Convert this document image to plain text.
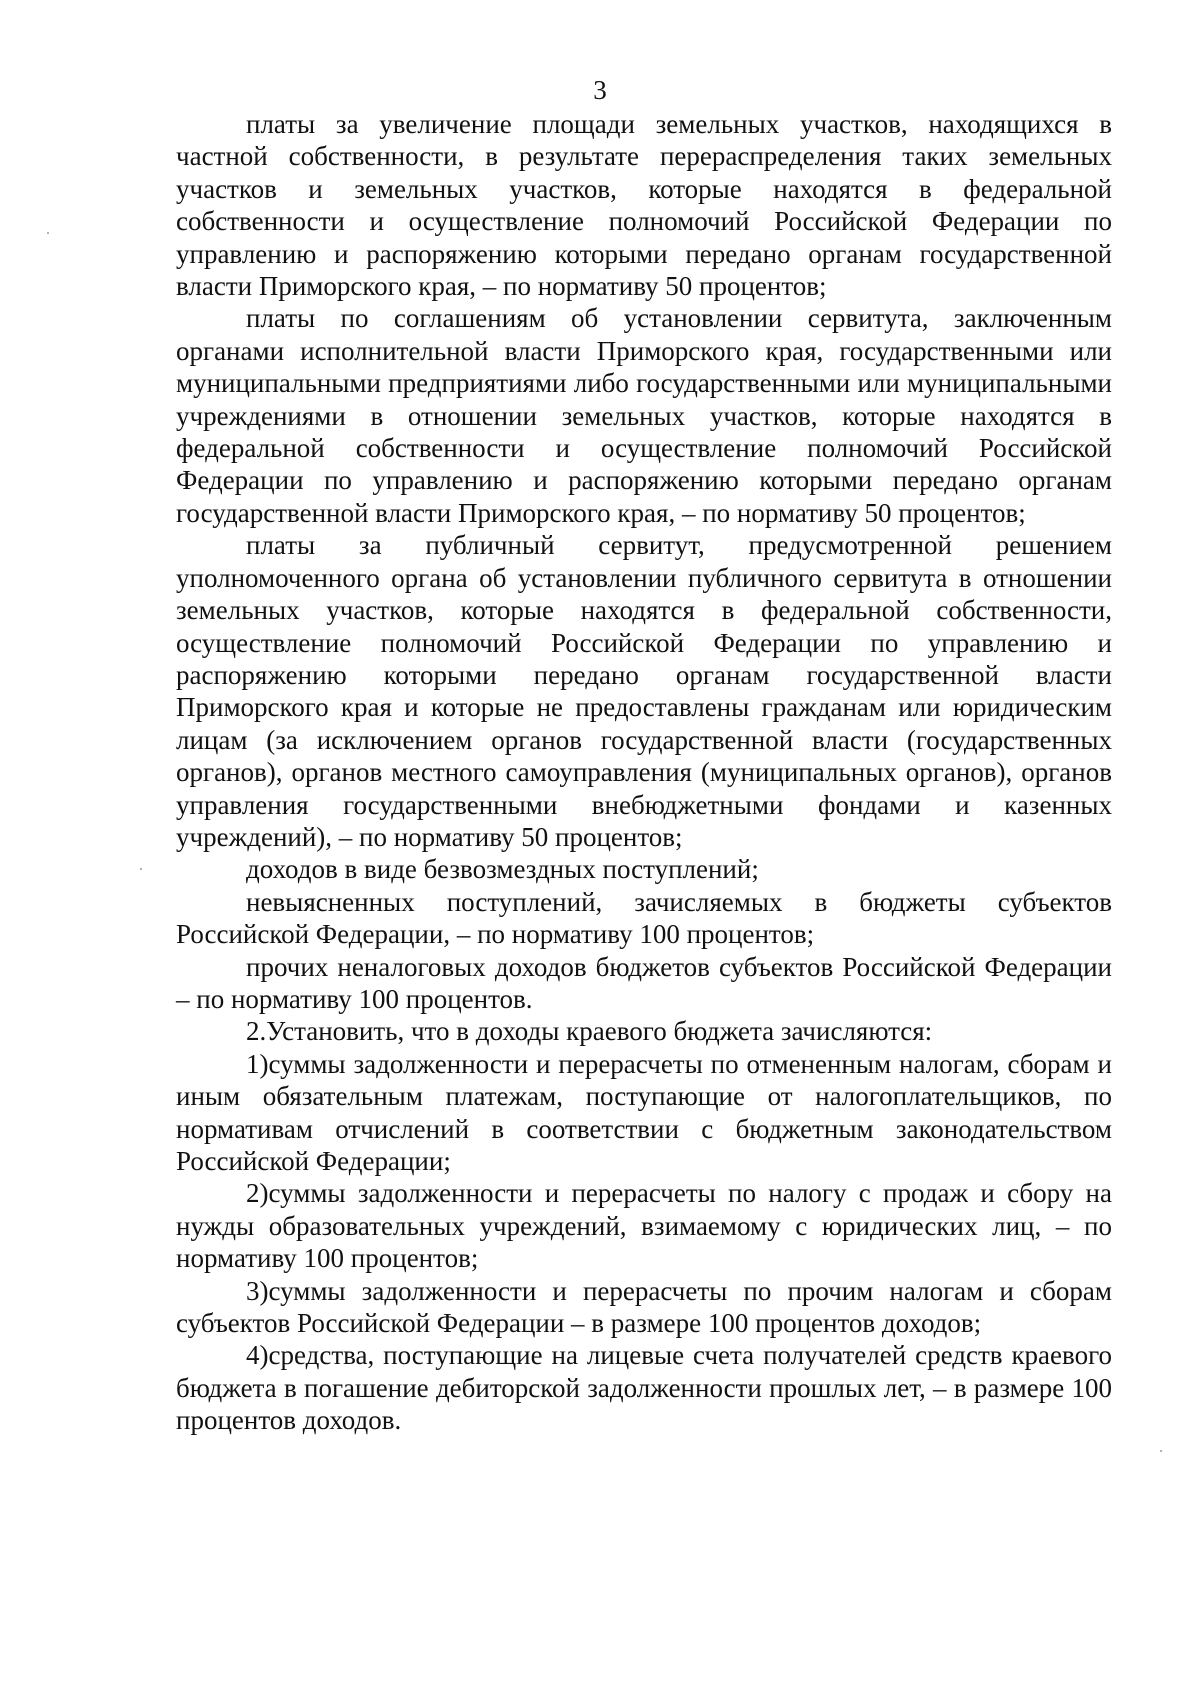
3

платы за увеличение площади земельных участков, находящихся в частной собственности, в результате перераспределения таких земельных участков и земельных участков, которые находятся в федеральной собственности и осуществление полномочий Российской Федерации по управлению и распоряжению которыми передано органам государственной власти Приморского края, – по нормативу 50 процентов;

платы по соглашениям об установлении сервитута, заключенным органами исполнительной власти Приморского края, государственными или муниципальными предприятиями либо государственными или муниципальными учреждениями в отношении земельных участков, которые находятся в федеральной собственности и осуществление полномочий Российской Федерации по управлению и распоряжению которыми передано органам государственной власти Приморского края, – по нормативу 50 процентов;

платы за публичный сервитут, предусмотренной решением уполномоченного органа об установлении публичного сервитута в отношении земельных участков, которые находятся в федеральной собственности, осуществление полномочий Российской Федерации по управлению и распоряжению которыми передано органам государственной власти Приморского края и которые не предоставлены гражданам или юридическим лицам (за исключением органов государственной власти (государственных органов), органов местного самоуправления (муниципальных органов), органов управления государственными внебюджетными фондами и казенных учреждений), – по нормативу 50 процентов;

доходов в виде безвозмездных поступлений;

невыясненных поступлений, зачисляемых в бюджеты субъектов Российской Федерации, – по нормативу 100 процентов;

прочих неналоговых доходов бюджетов субъектов Российской Федерации – по нормативу 100 процентов.

2.Установить, что в доходы краевого бюджета зачисляются:

1)суммы задолженности и перерасчеты по отмененным налогам, сборам и иным обязательным платежам, поступающие от налогоплательщиков, по нормативам отчислений в соответствии с бюджетным законодательством Российской Федерации;

2)суммы задолженности и перерасчеты по налогу с продаж и сбору на нужды образовательных учреждений, взимаемому с юридических лиц, – по нормативу 100 процентов;

3)суммы задолженности и перерасчеты по прочим налогам и сборам субъектов Российской Федерации – в размере 100 процентов доходов;

4)средства, поступающие на лицевые счета получателей средств краевого бюджета в погашение дебиторской задолженности прошлых лет, – в размере 100 процентов доходов.
